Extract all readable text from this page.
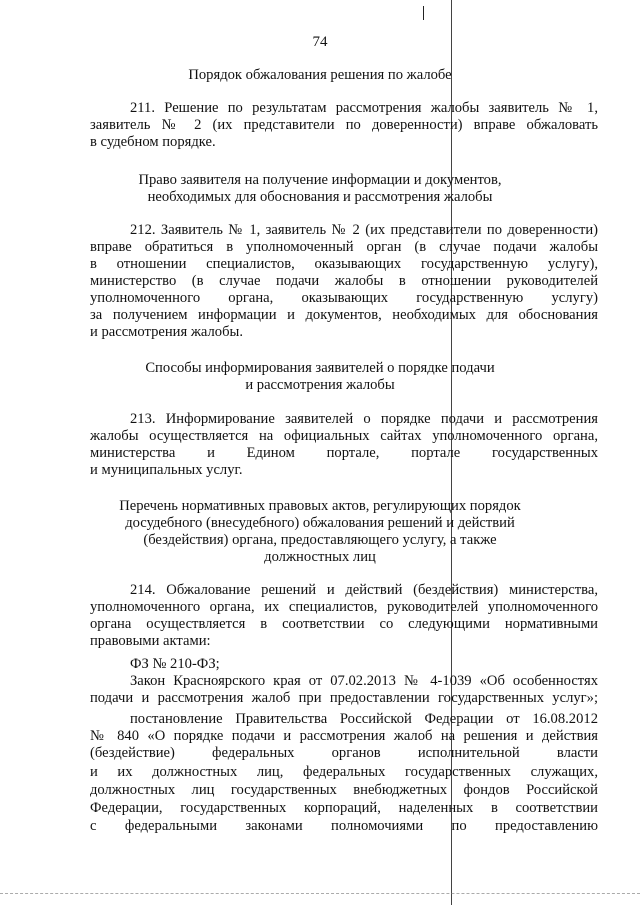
74
Порядок обжалования решения по жалобе
211. Решение по результатам рассмотрения жалобы заявитель № 1,
заявитель № 2 (их представители по доверенности) вправе обжаловать
в судебном порядке.
Право заявителя на получение информации и документов,
необходимых для обоснования и рассмотрения жалобы
212. Заявитель № 1, заявитель № 2 (их представители по доверенности)
вправе обратиться в уполномоченный орган (в случае подачи жалобы
в отношении специалистов, оказывающих государственную услугу),
министерство (в случае подачи жалобы в отношении руководителей
уполномоченного органа, оказывающих государственную услугу)
за получением информации и документов, необходимых для обоснования
и рассмотрения жалобы.
Способы информирования заявителей о порядке подачи
и рассмотрения жалобы
213. Информирование заявителей о порядке подачи и рассмотрения
жалобы осуществляется на официальных сайтах уполномоченного органа,
министерства и Едином портале, портале государственных
и муниципальных услуг.
Перечень нормативных правовых актов, регулирующих порядок
досудебного (внесудебного) обжалования решений и действий
(бездействия) органа, предоставляющего услугу, а также
должностных лиц
214. Обжалование решений и действий (бездействия) министерства,
уполномоченного органа, их специалистов, руководителей уполномоченного
органа осуществляется в соответствии со следующими нормативными
правовыми актами:
ФЗ № 210-ФЗ;
Закон Красноярского края от 07.02.2013 № 4-1039 «Об особенностях
подачи и рассмотрения жалоб при предоставлении государственных услуг»;
постановление Правительства Российской Федерации от 16.08.2012
№ 840 «О порядке подачи и рассмотрения жалоб на решения и действия
(бездействие) федеральных органов исполнительной власти
и их должностных лиц, федеральных государственных служащих,
должностных лиц государственных внебюджетных фондов Российской
Федерации, государственных корпораций, наделенных в соответствии
с федеральными законами полномочиями по предоставлению
